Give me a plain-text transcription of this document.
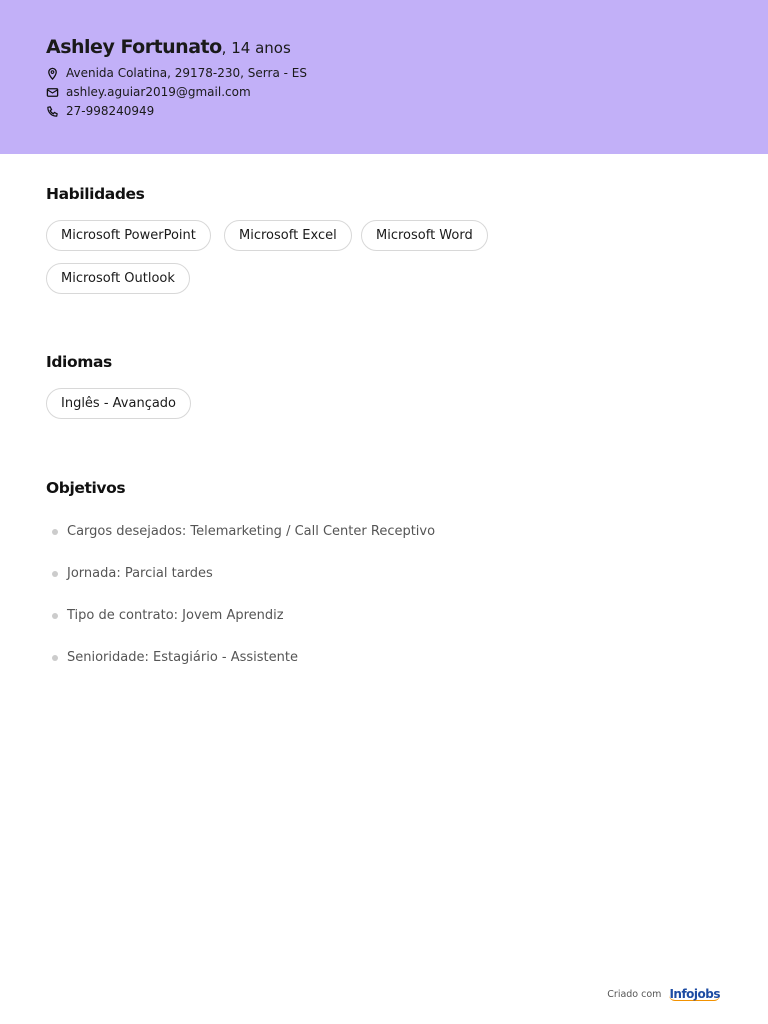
Ashley Fortunato, 14 anos
Avenida Colatina, 29178-230, Serra - ES
ashley.aguiar2019@gmail.com
27-998240949
Habilidades
Microsoft PowerPoint	Microsoft Excel	Microsoft Word
Microsoft Outlook
Idiomas
Inglês - Avançado
Objetivos
Cargos desejados: Telemarketing / Call Center Receptivo
Jornada: Parcial tardes
Tipo de contrato: Jovem Aprendiz
Senioridade: Estagiário - Assistente
Criado com Infojobs
